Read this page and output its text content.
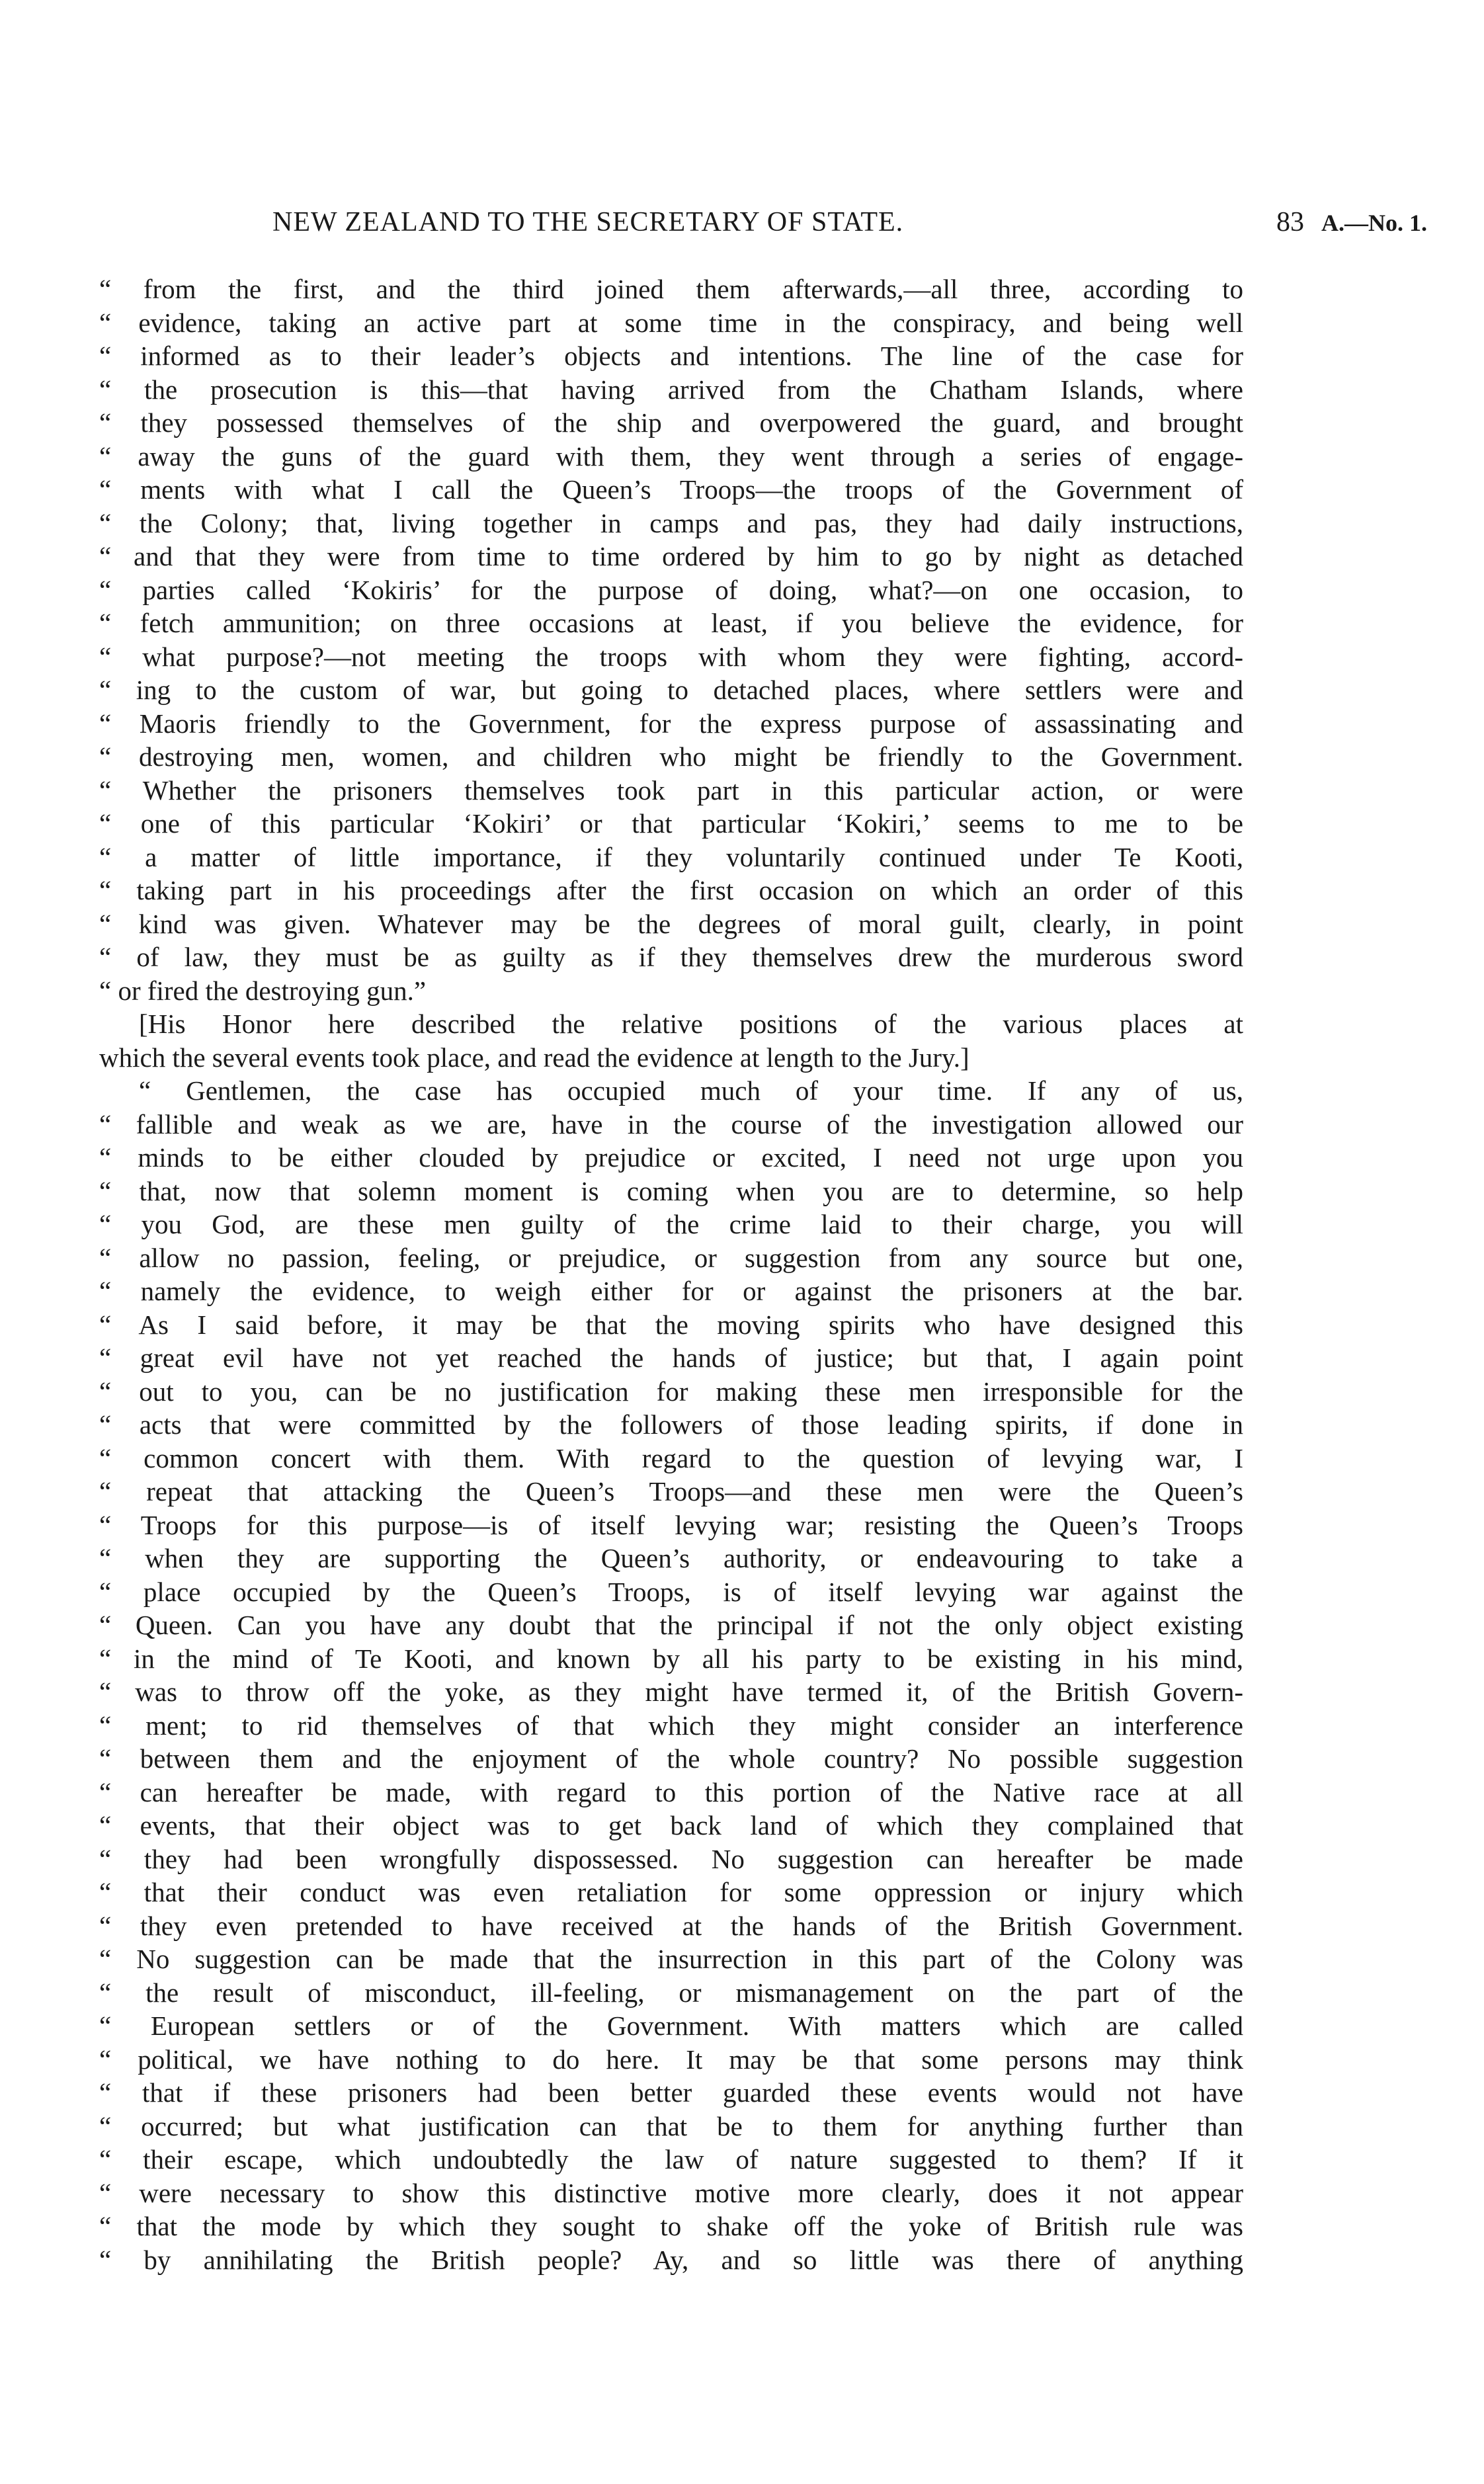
NEW ZEALAND TO THE SECRETARY OF STATE.	83 A.—No. 1.
“ from the first, and the third joined them afterwards,—all three, according to
“ evidence, taking an active part at some time in the conspiracy, and being well
“ informed as to their leader’s objects and intentions. The line of the case for
“ the prosecution is this—that having arrived from the Chatham Islands, where
“ they possessed themselves of the ship and overpowered the guard, and brought
“ away the guns of the guard with them, they went through a series of engage-
“ ments with what I call the Queen’s Troops—the troops of the Government of
“ the Colony; that, living together in camps and pas, they had daily instructions,
“ and that they were from time to time ordered by him to go by night as detached
“ parties called ‘Kokiris’ for the purpose of doing, what?—on one occasion, to
“ fetch ammunition; on three occasions at least, if you believe the evidence, for
“ what purpose?—not meeting the troops with whom they were fighting, accord-
“ ing to the custom of war, but going to detached places, where settlers were and
“ Maoris friendly to the Government, for the express purpose of assassinating and
“ destroying men, women, and children who might be friendly to the Government.
“ Whether the prisoners themselves took part in this particular action, or were
“ one of this particular ‘Kokiri’ or that particular ‘Kokiri,’ seems to me to be
“ a matter of little importance, if they voluntarily continued under Te Kooti,
“ taking part in his proceedings after the first occasion on which an order of this
“ kind was given. Whatever may be the degrees of moral guilt, clearly, in point
“ of law, they must be as guilty as if they themselves drew the murderous sword
“ or fired the destroying gun.”
[His Honor here described the relative positions of the various places at
which the several events took place, and read the evidence at length to the Jury.]
“ Gentlemen, the case has occupied much of your time. If any of us,
“ fallible and weak as we are, have in the course of the investigation allowed our
“ minds to be either clouded by prejudice or excited, I need not urge upon you
“ that, now that solemn moment is coming when you are to determine, so help
“ you God, are these men guilty of the crime laid to their charge, you will
“ allow no passion, feeling, or prejudice, or suggestion from any source but one,
“ namely the evidence, to weigh either for or against the prisoners at the bar.
“ As I said before, it may be that the moving spirits who have designed this
“ great evil have not yet reached the hands of justice; but that, I again point
“ out to you, can be no justification for making these men irresponsible for the
“ acts that were committed by the followers of those leading spirits, if done in
“ common concert with them. With regard to the question of levying war, I
“ repeat that attacking the Queen’s Troops—and these men were the Queen’s
“ Troops for this purpose—is of itself levying war; resisting the Queen’s Troops
“ when they are supporting the Queen’s authority, or endeavouring to take a
“ place occupied by the Queen’s Troops, is of itself levying war against the
“ Queen. Can you have any doubt that the principal if not the only object existing
“ in the mind of Te Kooti, and known by all his party to be existing in his mind,
“ was to throw off the yoke, as they might have termed it, of the British Govern-
“ ment; to rid themselves of that which they might consider an interference
“ between them and the enjoyment of the whole country? No possible suggestion
“ can hereafter be made, with regard to this portion of the Native race at all
“ events, that their object was to get back land of which they complained that
“ they had been wrongfully dispossessed. No suggestion can hereafter be made
“ that their conduct was even retaliation for some oppression or injury which
“ they even pretended to have received at the hands of the British Government.
“ No suggestion can be made that the insurrection in this part of the Colony was
“ the result of misconduct, ill-feeling, or mismanagement on the part of the
“ European settlers or of the Government. With matters which are called
“ political, we have nothing to do here. It may be that some persons may think
“ that if these prisoners had been better guarded these events would not have
“ occurred; but what justification can that be to them for anything further than
“ their escape, which undoubtedly the law of nature suggested to them? If it
“ were necessary to show this distinctive motive more clearly, does it not appear
“ that the mode by which they sought to shake off the yoke of British rule was
“ by annihilating the British people? Ay, and so little was there of anything
